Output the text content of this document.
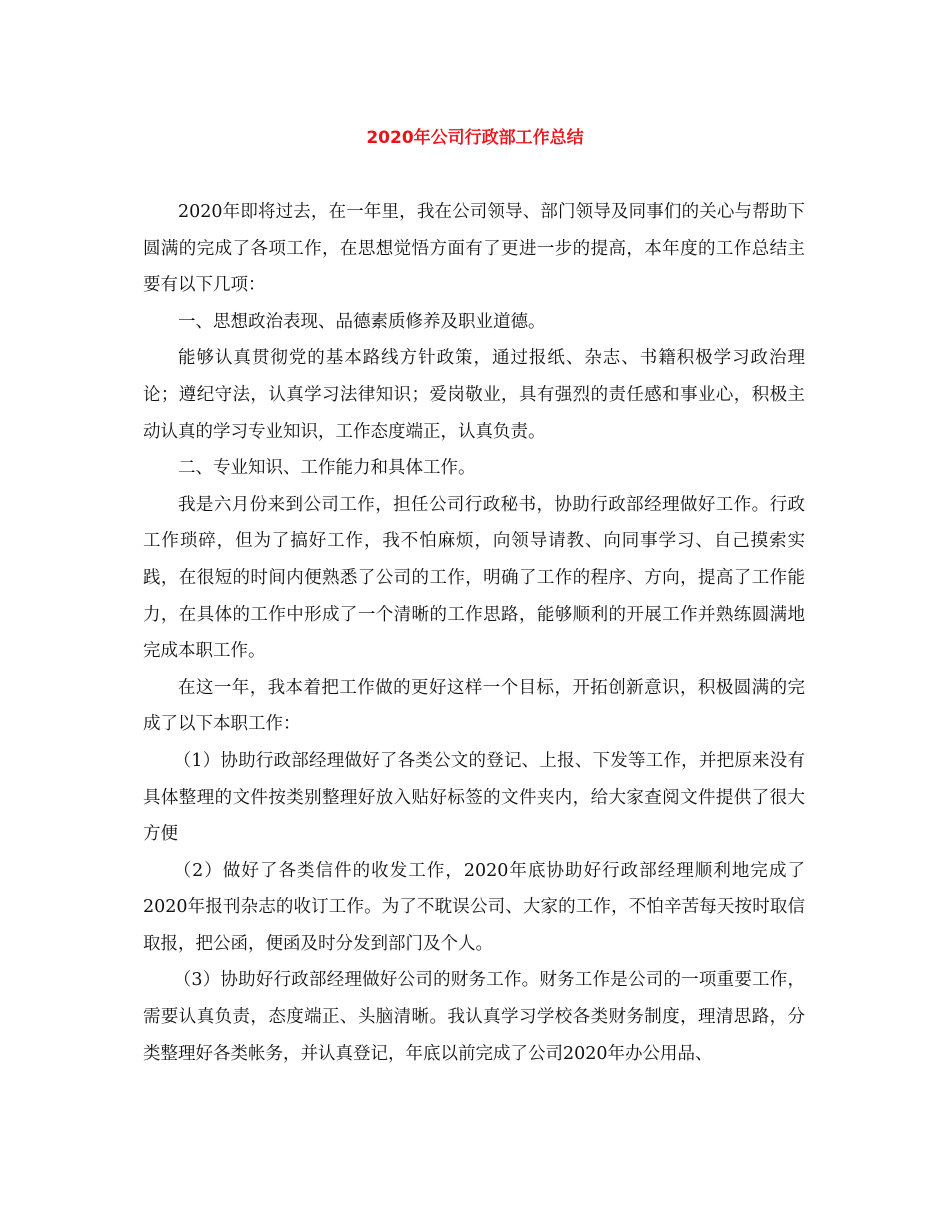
2020年公司行政部工作总结

2020年即将过去，在一年里，我在公司领导、部门领导及同事们的关心与帮助下圆满的完成了各项工作，在思想觉悟方面有了更进一步的提高，本年度的工作总结主要有以下几项：

一、思想政治表现、品德素质修养及职业道德。

能够认真贯彻党的基本路线方针政策，通过报纸、杂志、书籍积极学习政治理论；遵纪守法，认真学习法律知识；爱岗敬业，具有强烈的责任感和事业心，积极主动认真的学习专业知识，工作态度端正，认真负责。

二、专业知识、工作能力和具体工作。

我是六月份来到公司工作，担任公司行政秘书，协助行政部经理做好工作。行政工作琐碎，但为了搞好工作，我不怕麻烦，向领导请教、向同事学习、自己摸索实践，在很短的时间内便熟悉了公司的工作，明确了工作的程序、方向，提高了工作能力，在具体的工作中形成了一个清晰的工作思路，能够顺利的开展工作并熟练圆满地完成本职工作。

在这一年，我本着把工作做的更好这样一个目标，开拓创新意识，积极圆满的完成了以下本职工作：

（1）协助行政部经理做好了各类公文的登记、上报、下发等工作，并把原来没有具体整理的文件按类别整理好放入贴好标签的文件夹内，给大家查阅文件提供了很大方便

（2）做好了各类信件的收发工作，2020年底协助好行政部经理顺利地完成了2020年报刊杂志的收订工作。为了不耽误公司、大家的工作，不怕辛苦每天按时取信取报，把公函，便函及时分发到部门及个人。

（3）协助好行政部经理做好公司的财务工作。财务工作是公司的一项重要工作，需要认真负责，态度端正、头脑清晰。我认真学习学校各类财务制度，理清思路，分类整理好各类帐务，并认真登记，年底以前完成了公司2020年办公用品、
